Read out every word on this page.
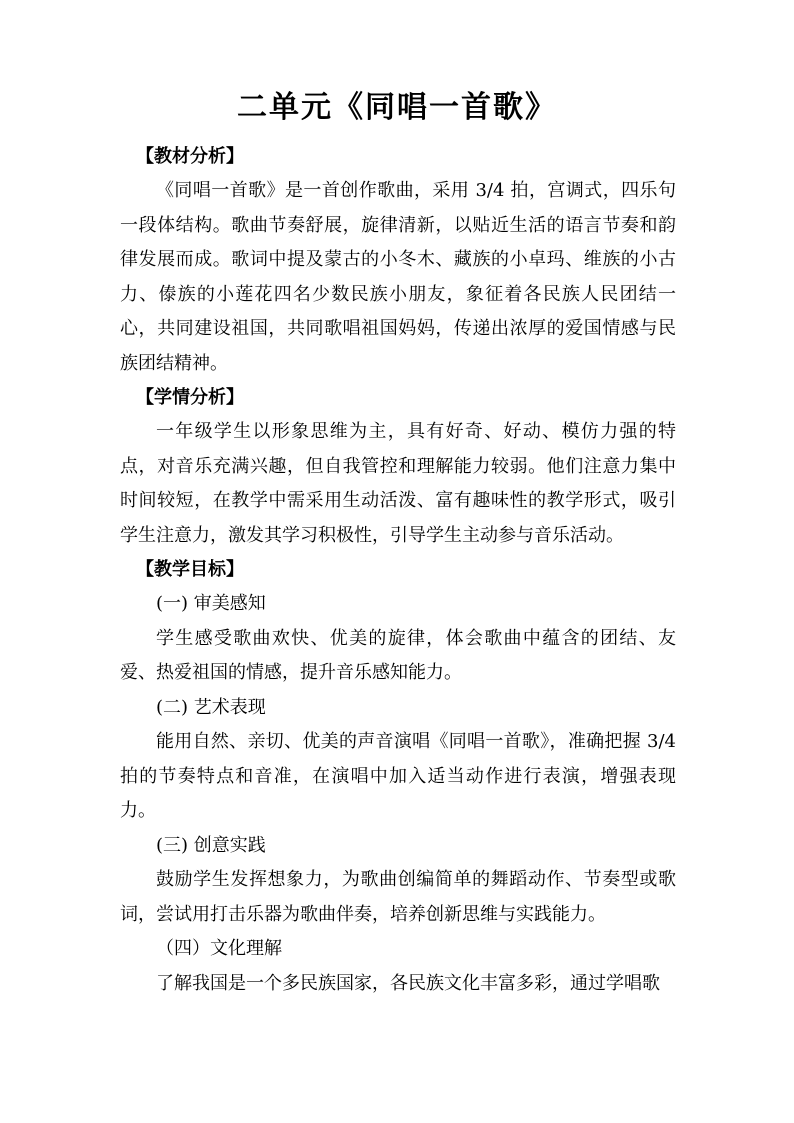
二单元《同唱一首歌》

【教材分析】

《同唱一首歌》是一首创作歌曲，采用 3/4 拍，宫调式，四乐句一段体结构。歌曲节奏舒展，旋律清新，以贴近生活的语言节奏和韵律发展而成。歌词中提及蒙古的小冬木、藏族的小卓玛、维族的小古力、傣族的小莲花四名少数民族小朋友，象征着各民族人民团结一心，共同建设祖国，共同歌唱祖国妈妈，传递出浓厚的爱国情感与民族团结精神。

【学情分析】

一年级学生以形象思维为主，具有好奇、好动、模仿力强的特点，对音乐充满兴趣，但自我管控和理解能力较弱。他们注意力集中时间较短，在教学中需采用生动活泼、富有趣味性的教学形式，吸引学生注意力，激发其学习积极性，引导学生主动参与音乐活动。

【教学目标】

(一) 审美感知

学生感受歌曲欢快、优美的旋律，体会歌曲中蕴含的团结、友爱、热爱祖国的情感，提升音乐感知能力。

(二) 艺术表现

能用自然、亲切、优美的声音演唱《同唱一首歌》，准确把握 3/4 拍的节奏特点和音准，在演唱中加入适当动作进行表演，增强表现力。

(三) 创意实践

鼓励学生发挥想象力，为歌曲创编简单的舞蹈动作、节奏型或歌词，尝试用打击乐器为歌曲伴奏，培养创新思维与实践能力。

（四）文化理解

了解我国是一个多民族国家，各民族文化丰富多彩，通过学唱歌
